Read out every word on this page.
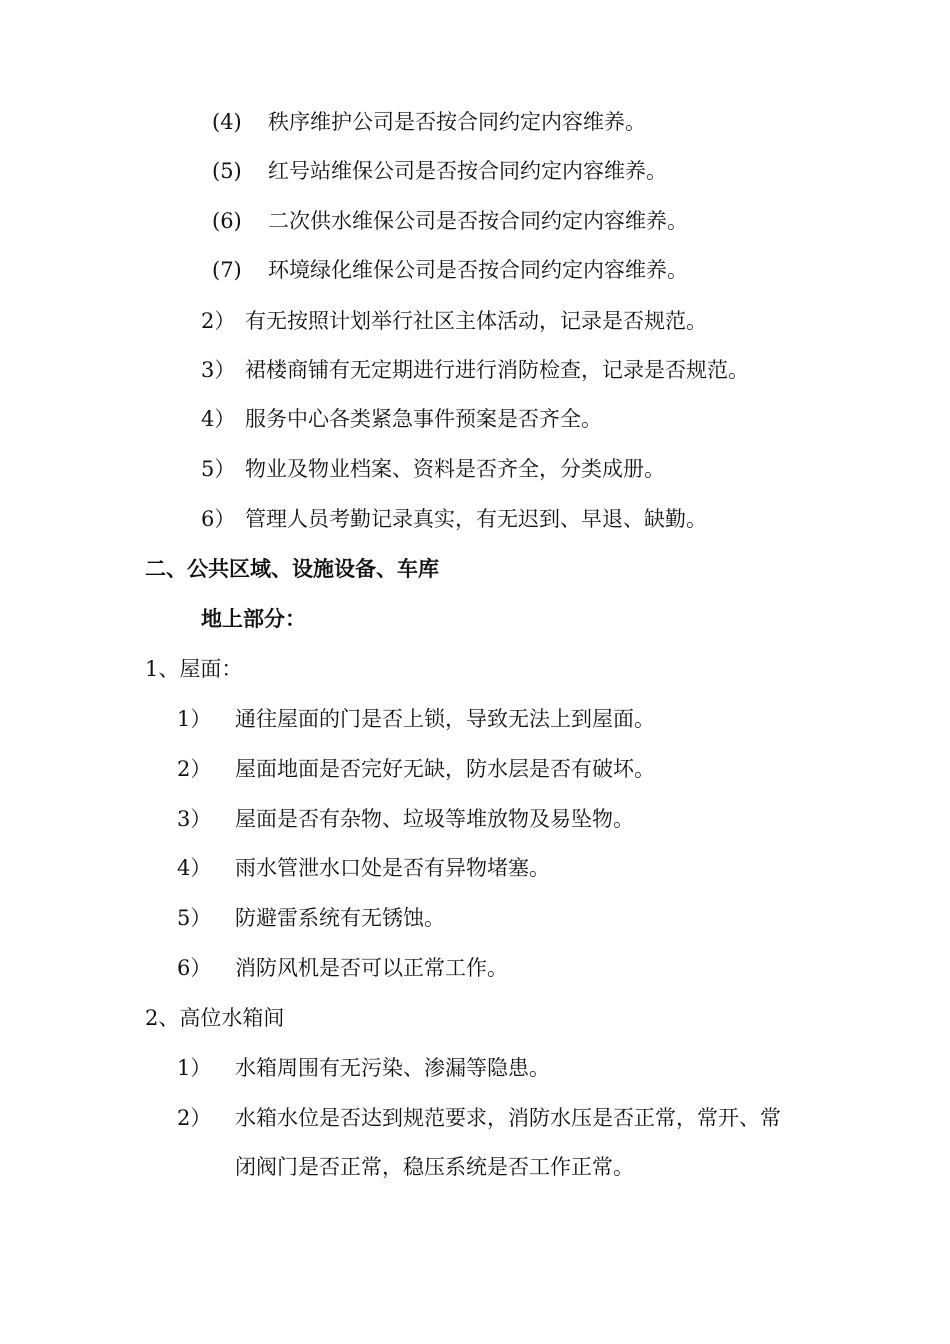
(4) 秩序维护公司是否按合同约定内容维养。
(5) 红号站维保公司是否按合同约定内容维养。
(6) 二次供水维保公司是否按合同约定内容维养。
(7) 环境绿化维保公司是否按合同约定内容维养。
2） 有无按照计划举行社区主体活动，记录是否规范。
3） 裙楼商铺有无定期进行进行消防检查，记录是否规范。
4） 服务中心各类紧急事件预案是否齐全。
5） 物业及物业档案、资料是否齐全，分类成册。
6） 管理人员考勤记录真实，有无迟到、早退、缺勤。
二、公共区域、设施设备、车库
地上部分：
1、屋面：
1） 通往屋面的门是否上锁，导致无法上到屋面。
2） 屋面地面是否完好无缺，防水层是否有破坏。
3） 屋面是否有杂物、垃圾等堆放物及易坠物。
4） 雨水管泄水口处是否有异物堵塞。
5） 防避雷系统有无锈蚀。
6） 消防风机是否可以正常工作。
2、高位水箱间
1） 水箱周围有无污染、渗漏等隐患。
2） 水箱水位是否达到规范要求，消防水压是否正常，常开、常
闭阀门是否正常，稳压系统是否工作正常。
